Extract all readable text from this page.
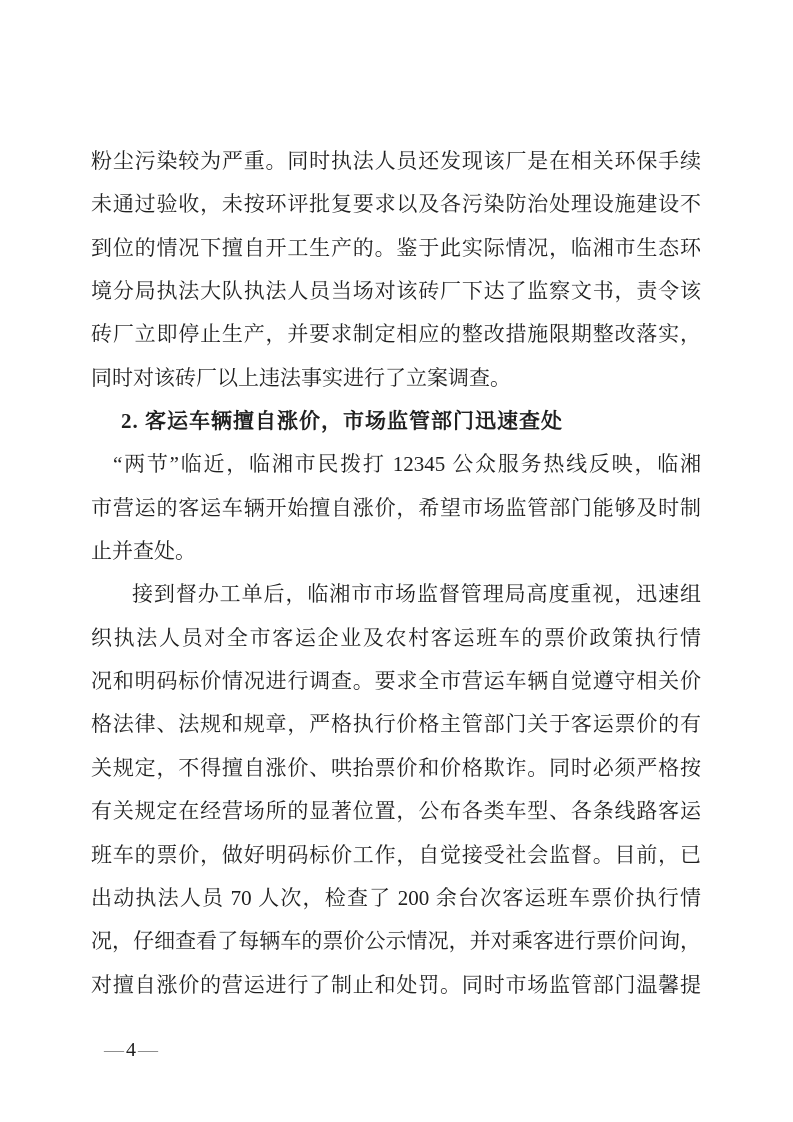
粉尘污染较为严重。同时执法人员还发现该厂是在相关环保手续
未通过验收，未按环评批复要求以及各污染防治处理设施建设不
到位的情况下擅自开工生产的。鉴于此实际情况，临湘市生态环
境分局执法大队执法人员当场对该砖厂下达了监察文书，责令该
砖厂立即停止生产，并要求制定相应的整改措施限期整改落实，
同时对该砖厂以上违法事实进行了立案调查。
2. 客运车辆擅自涨价，市场监管部门迅速查处
“两节”临近，临湘市民拨打 12345 公众服务热线反映，临湘
市营运的客运车辆开始擅自涨价，希望市场监管部门能够及时制
止并查处。
接到督办工单后，临湘市市场监督管理局高度重视，迅速组
织执法人员对全市客运企业及农村客运班车的票价政策执行情
况和明码标价情况进行调查。要求全市营运车辆自觉遵守相关价
格法律、法规和规章，严格执行价格主管部门关于客运票价的有
关规定，不得擅自涨价、哄抬票价和价格欺诈。同时必须严格按
有关规定在经营场所的显著位置，公布各类车型、各条线路客运
班车的票价，做好明码标价工作，自觉接受社会监督。目前，已
出动执法人员 70 人次，检查了 200 余台次客运班车票价执行情
况，仔细查看了每辆车的票价公示情况，并对乘客进行票价问询，
对擅自涨价的营运进行了制止和处罚。同时市场监管部门温馨提
—4—
